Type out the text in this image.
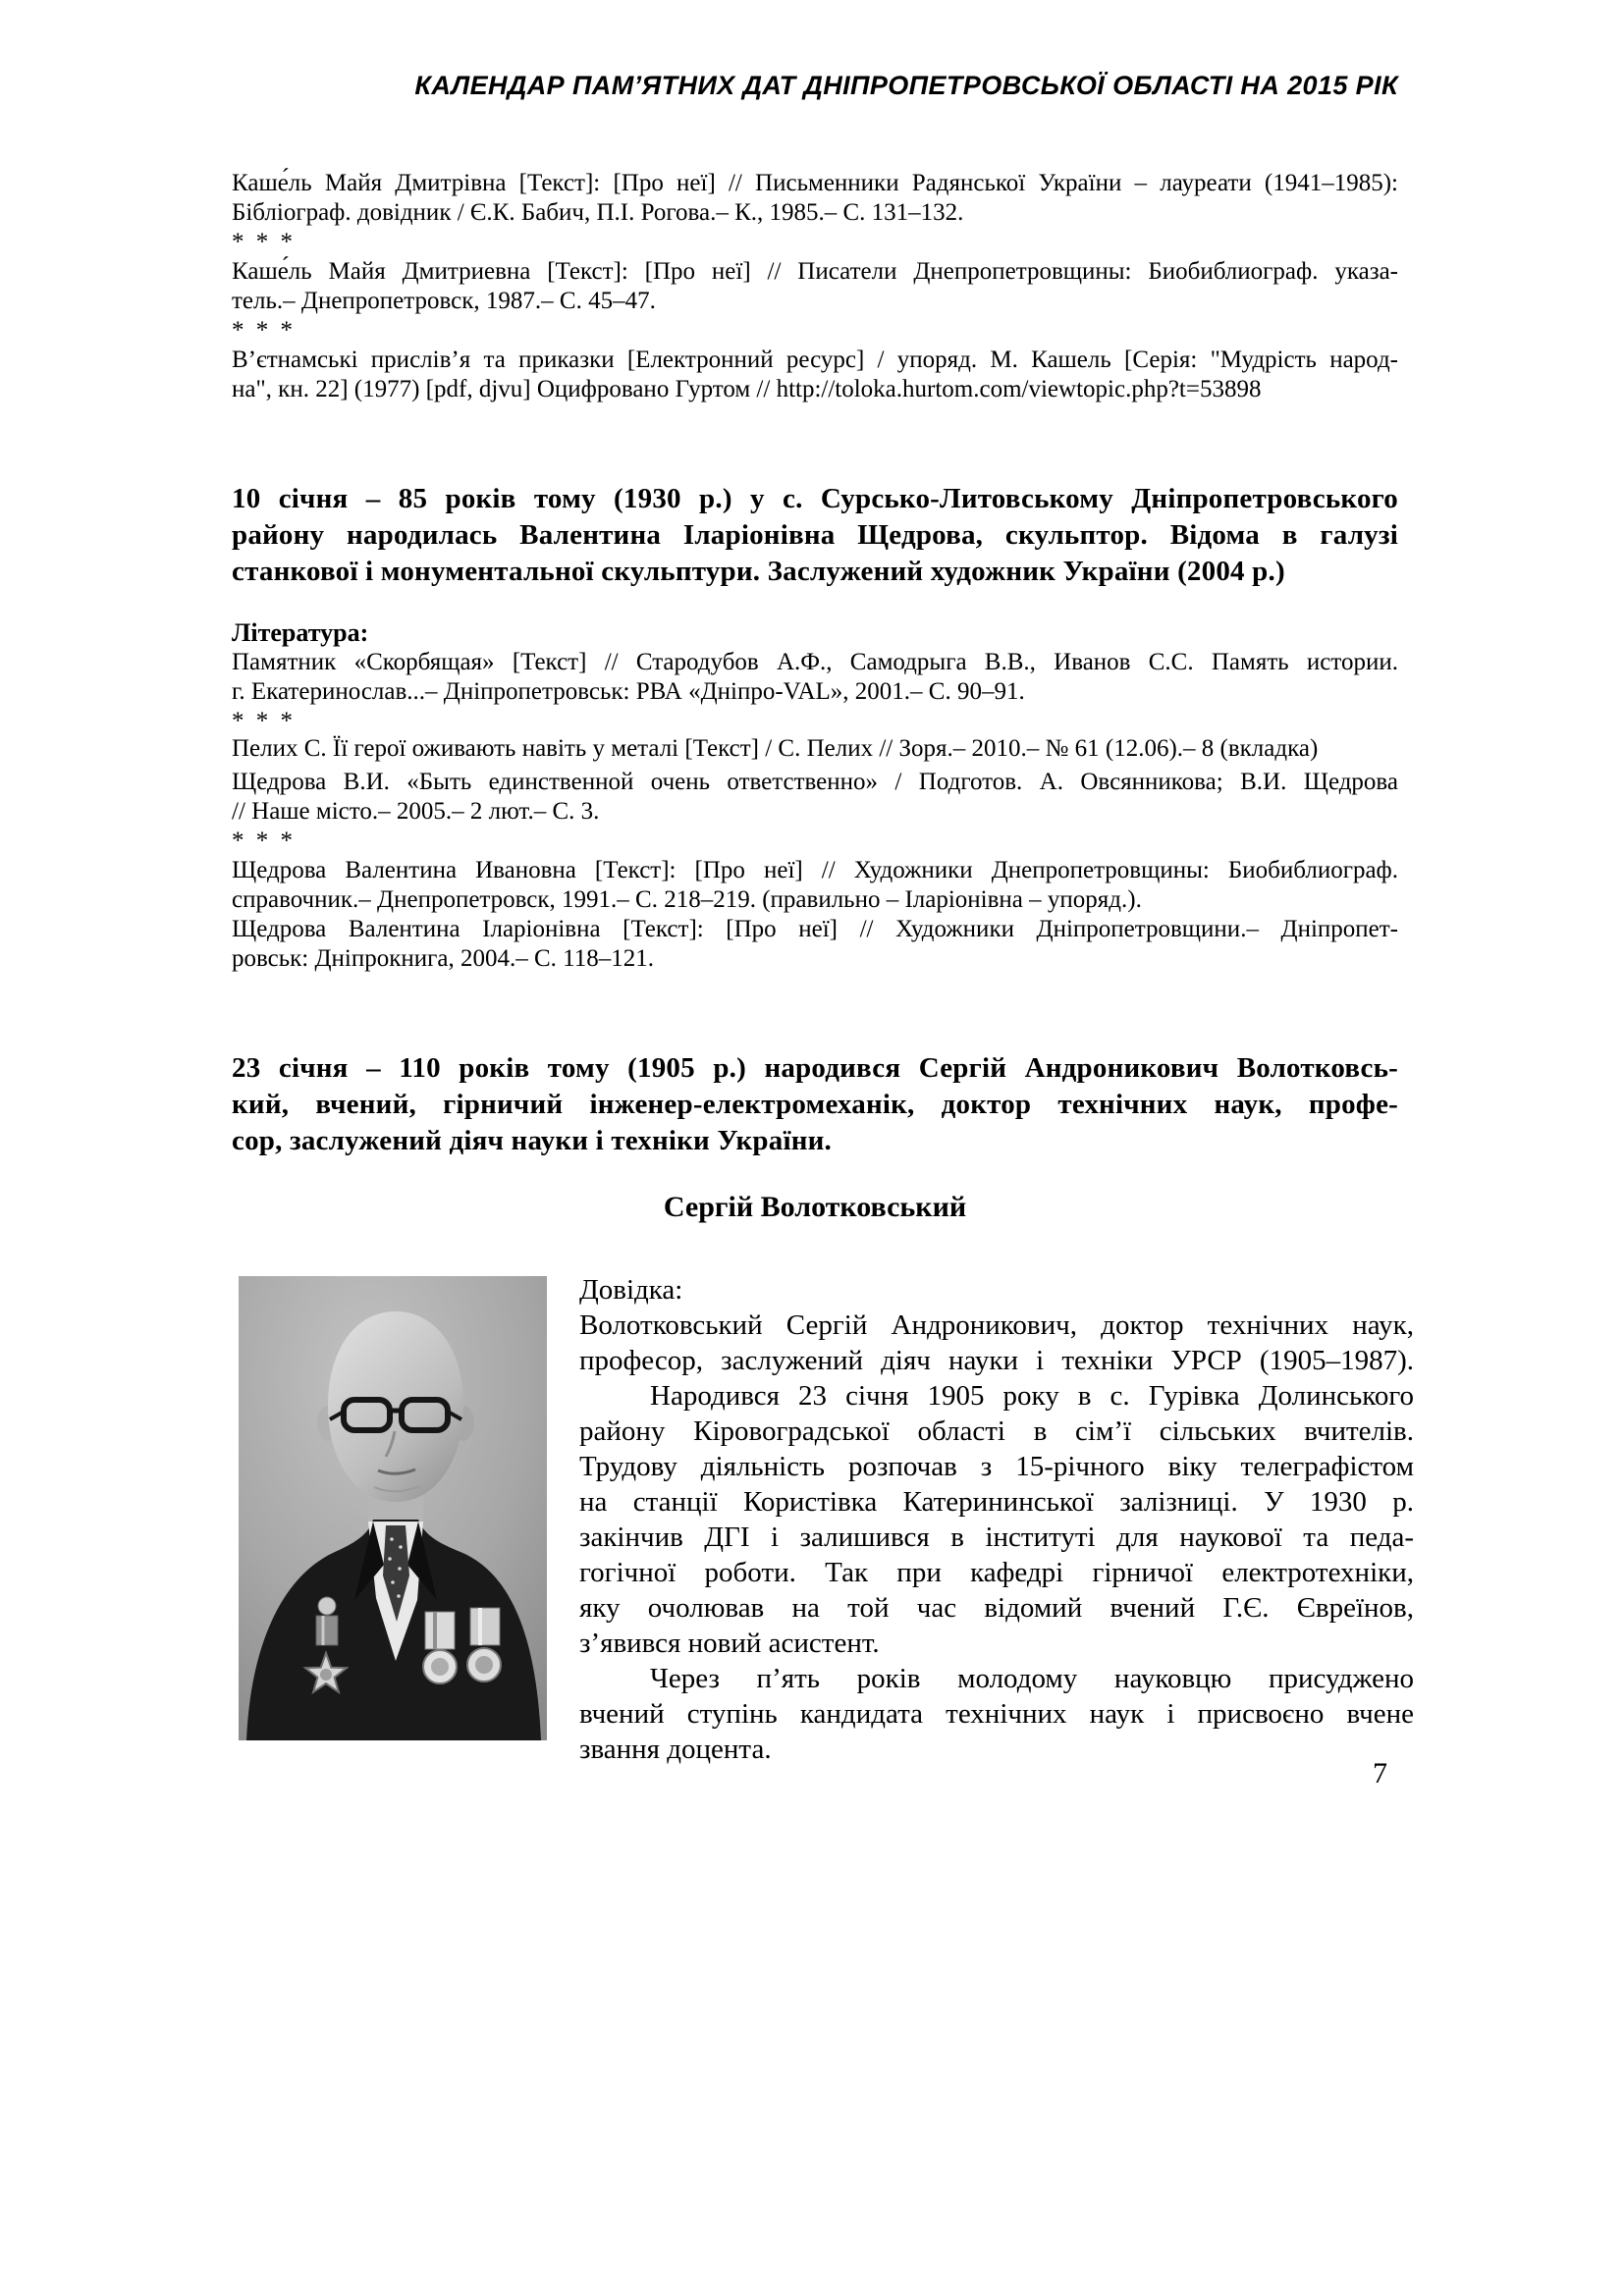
КАЛЕНДАР ПАМ’ЯТНИХ ДАТ ДНІПРОПЕТРОВСЬКОЇ ОБЛАСТІ НА 2015 РІК
Каше́ль Майя Дмитрівна [Текст]: [Про неї] // Письменники Радянської України – лауреати (1941–1985):
Бібліограф. довідник / Є.К. Бабич, П.І. Рогова.– К., 1985.– С. 131–132.
* * *
Каше́ль Майя Дмитриевна [Текст]: [Про неї] // Писатели Днепропетровщины: Биобиблиограф. указа-
тель.– Днепропетровск, 1987.– С. 45–47.
* * *
В’єтнамські прислів’я та приказки [Електронний ресурс] / упоряд. М. Кашель [Серія: "Мудрість народ-
на", кн. 22] (1977) [pdf, djvu] Оцифровано Гуртом // http://toloka.hurtom.com/viewtopic.php?t=53898
10 січня – 85 років тому (1930 р.) у с. Сурсько-Литовському Дніпропетровського
району народилась Валентина Іларіонівна Щедрова, скульптор. Відома в галузі
станкової і монументальної скульптури. Заслужений художник України (2004 р.)
Література:
Памятник «Скорбящая» [Текст] // Стародубов А.Ф., Самодрыга В.В., Иванов С.С. Память истории.
г. Екатеринослав...– Дніпропетровськ: РВА «Дніпро-VAL», 2001.– С. 90–91.
* * *
Пелих С. Її герої оживають навіть у металі [Текст] / С. Пелих // Зоря.– 2010.– № 61 (12.06).– 8 (вкладка)
Щедрова В.И. «Быть единственной очень ответственно» / Подготов. А. Овсянникова; В.И. Щедрова
// Наше місто.– 2005.– 2 лют.– С. 3.
* * *
Щедрова Валентина Ивановна [Текст]: [Про неї] // Художники Днепропетровщины: Биобиблиограф.
справочник.– Днепропетровск, 1991.– С. 218–219. (правильно – Іларіонівна – упоряд.).
Щедрова Валентина Іларіонівна [Текст]: [Про неї] // Художники Дніпропетровщини.– Дніпропет-
ровськ: Дніпрокнига, 2004.– С. 118–121.
23 січня – 110 років тому (1905 р.) народився Сергій Андроникович Волотковсь-
кий, вчений, гірничий інженер-електромеханік, доктор технічних наук, профе-
сор, заслужений діяч науки і техніки України.
Сергій Волотковський
Довідка:
Волотковський Сергій Андроникович, доктор технічних наук,
професор, заслужений діяч науки і техніки УРСР (1905–1987).
Народився 23 січня 1905 року в с. Гурівка Долинського
району Кіровоградської області в сім’ї сільських вчителів.
Трудову діяльність розпочав з 15-річного віку телеграфістом
на станції Користівка Катерининської залізниці. У 1930 р.
закінчив ДГІ і залишився в інституті для наукової та педа-
гогічної роботи. Так при кафедрі гірничої електротехніки,
яку очолював на той час відомий вчений Г.Є. Євреїнов,
з’явився новий асистент.
Через п’ять років молодому науковцю присуджено
вчений ступінь кандидата технічних наук і присвоєно вчене
звання доцента.
7
